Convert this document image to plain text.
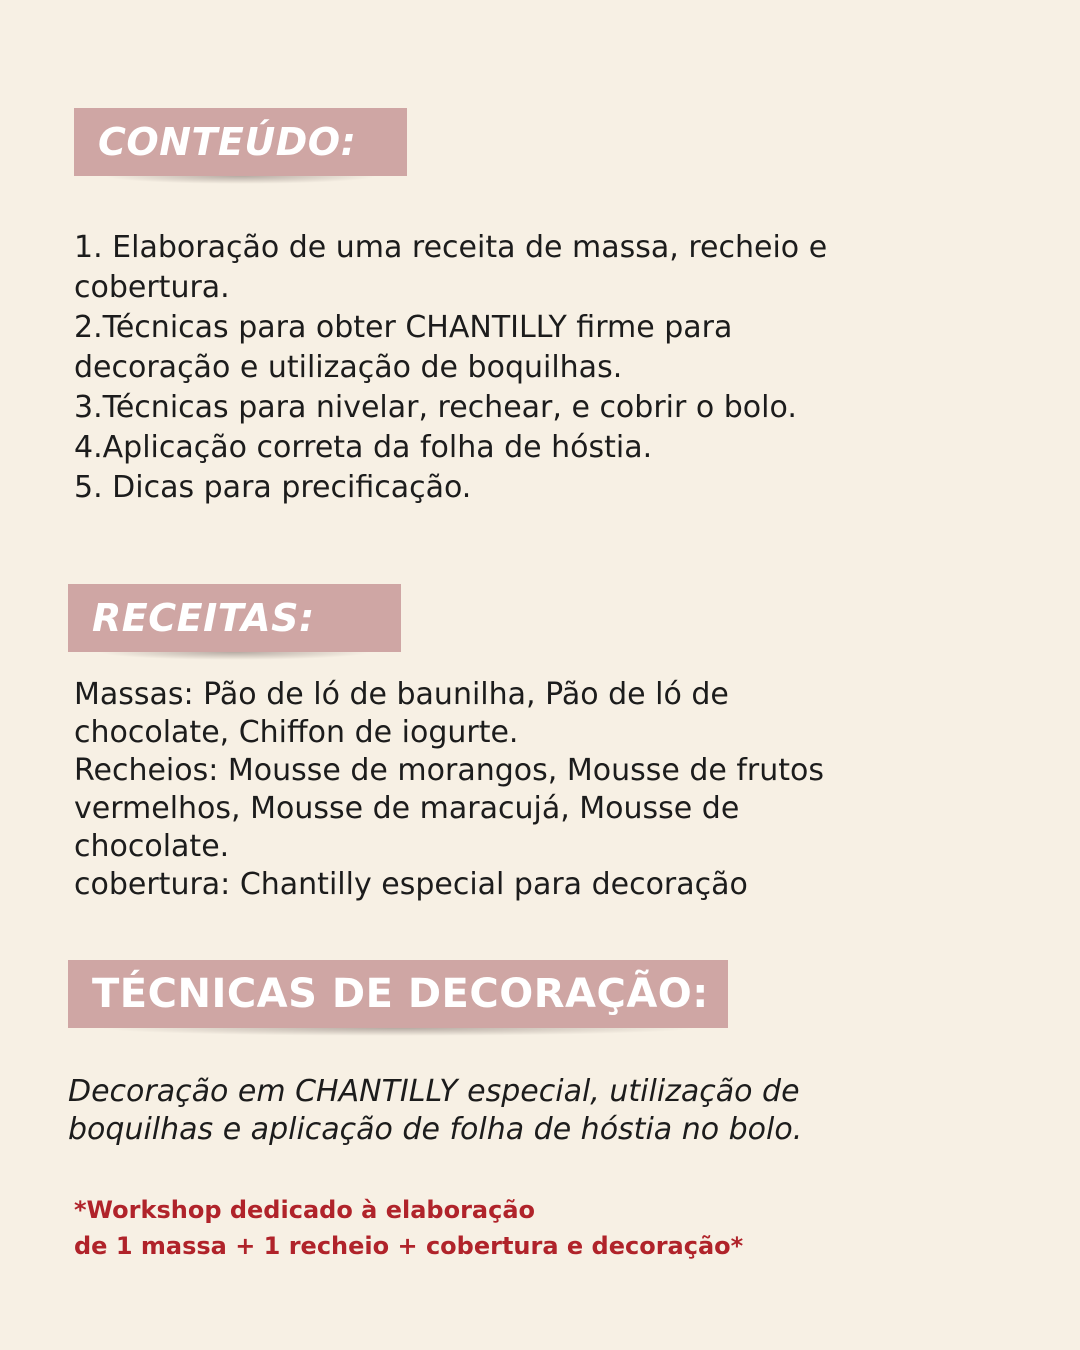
CONTEÚDO:
1. Elaboração de uma receita de massa, recheio e
cobertura.
2.Técnicas para obter CHANTILLY firme para
decoração e utilização de boquilhas.
3.Técnicas para nivelar, rechear, e cobrir o bolo.
4.Aplicação correta da folha de hóstia.
5. Dicas para precificação.
RECEITAS:
Massas: Pão de ló de baunilha, Pão de ló de
chocolate, Chiffon de iogurte.
Recheios: Mousse de morangos, Mousse de frutos
vermelhos, Mousse de maracujá, Mousse de
chocolate.
cobertura: Chantilly especial para decoração
TÉCNICAS DE DECORAÇÃO:
Decoração em CHANTILLY especial, utilização de
boquilhas e aplicação de folha de hóstia no bolo.
*Workshop dedicado à elaboração
de 1 massa + 1 recheio + cobertura e decoração*
